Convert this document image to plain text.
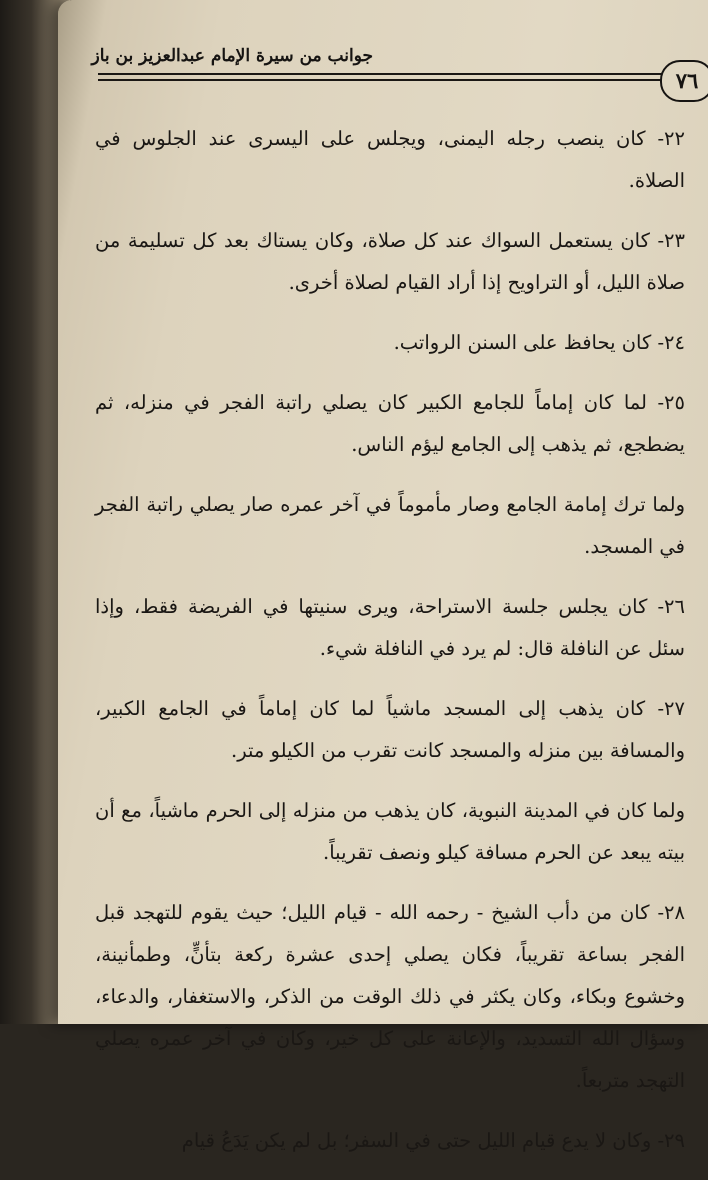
جوانب من سيرة الإمام عبدالعزيز بن باز
٧٦

٢٢- كان ينصب رجله اليمنى، ويجلس على اليسرى عند الجلوس في الصلاة.

٢٣- كان يستعمل السواك عند كل صلاة، وكان يستاك بعد كل تسليمة من صلاة الليل، أو التراويح إذا أراد القيام لصلاة أخرى.

٢٤- كان يحافظ على السنن الرواتب.

٢٥- لما كان إماماً للجامع الكبير كان يصلي راتبة الفجر في منزله، ثم يضطجع، ثم يذهب إلى الجامع ليؤم الناس.

ولما ترك إمامة الجامع وصار مأموماً في آخر عمره صار يصلي راتبة الفجر في المسجد.

٢٦- كان يجلس جلسة الاستراحة، ويرى سنيتها في الفريضة فقط، وإذا سئل عن النافلة قال: لم يرد في النافلة شيء.

٢٧- كان يذهب إلى المسجد ماشياً لما كان إماماً في الجامع الكبير، والمسافة بين منزله والمسجد كانت تقرب من الكيلو متر.

ولما كان في المدينة النبوية، كان يذهب من منزله إلى الحرم ماشياً، مع أن بيته يبعد عن الحرم مسافة كيلو ونصف تقريباً.

٢٨- كان من دأب الشيخ - رحمه الله - قيام الليل؛ حيث يقوم للتهجد قبل الفجر بساعة تقريباً، فكان يصلي إحدى عشرة ركعة بتأنٍّ، وطمأنينة، وخشوع وبكاء، وكان يكثر في ذلك الوقت من الذكر، والاستغفار، والدعاء، وسؤال الله التسديد، والإعانة على كل خير، وكان في آخر عمره يصلي التهجد متربعاً.

٢٩- وكان لا يدع قيام الليل حتى في السفر؛ بل لم يكن يَدَعُ قيام
